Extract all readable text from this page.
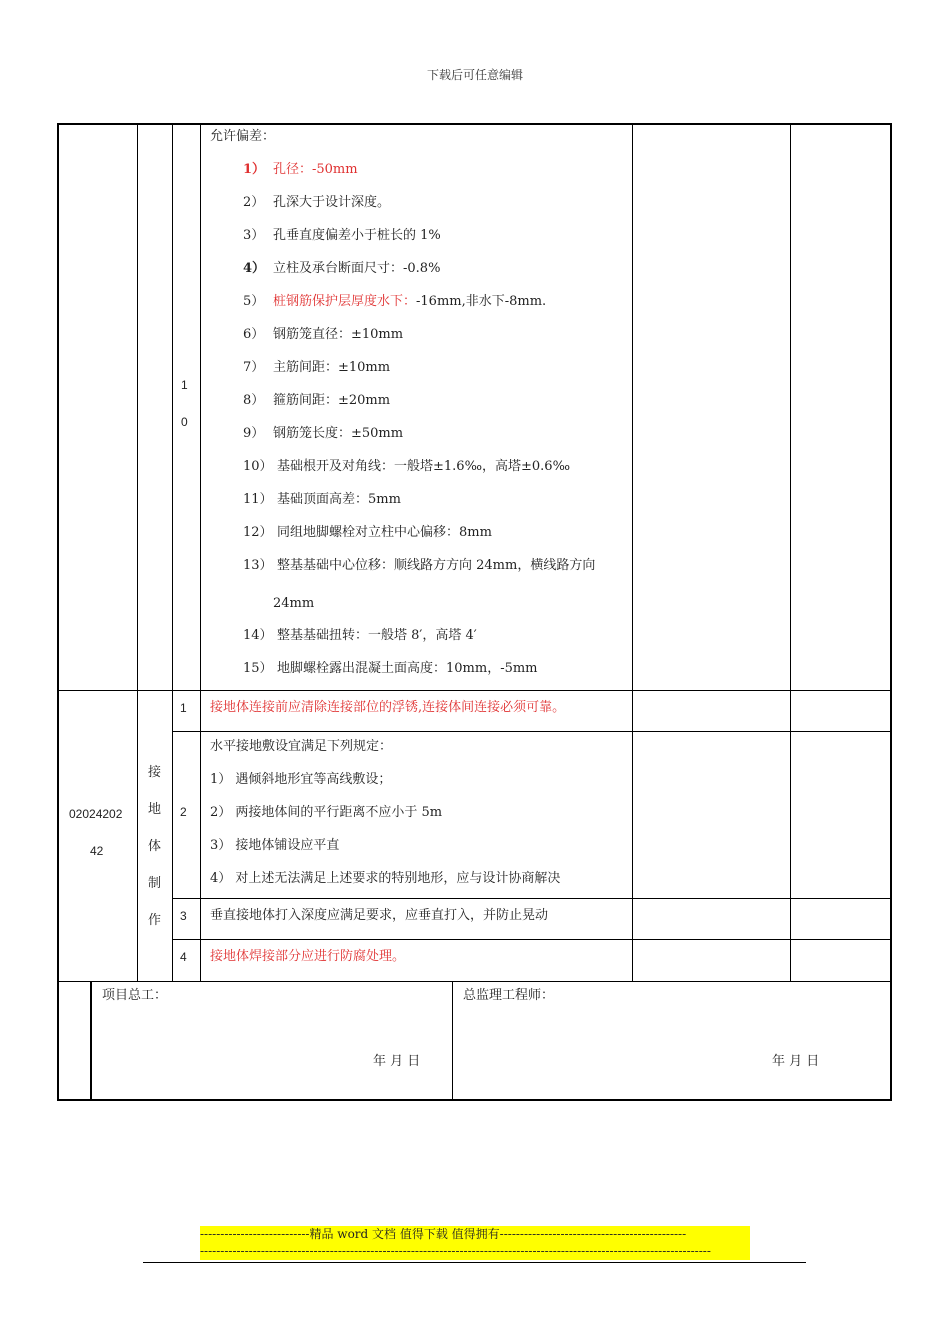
下载后可任意编辑
1
0
允许偏差：
1） 孔径：-50mm
2） 孔深大于设计深度。
3） 孔垂直度偏差小于桩长的 1%
4） 立柱及承台断面尺寸：-0.8%
5） 桩钢筋保护层厚度水下：-16mm,非水下-8mm.
6） 钢筋笼直径：±10mm
7） 主筋间距：±10mm
8） 箍筋间距：±20mm
9） 钢筋笼长度：±50mm
10） 基础根开及对角线：一般塔±1.6‰，高塔±0.6‰
11） 基础顶面高差：5mm
12） 同组地脚螺栓对立柱中心偏移：8mm
13） 整基基础中心位移：顺线路方方向 24mm，横线路方向
24mm
14） 整基基础扭转：一般塔 8′，高塔 4′
15） 地脚螺栓露出混凝土面高度：10mm，-5mm
02024202
42
接
地
体
制
作
1 接地体连接前应清除连接部位的浮锈,连接体间连接必须可靠。
2
水平接地敷设宜满足下列规定：
1） 遇倾斜地形宜等高线敷设；
2） 两接地体间的平行距离不应小于 5m
3） 接地体铺设应平直
4） 对上述无法满足上述要求的特别地形，应与设计协商解决
3 垂直接地体打入深度应满足要求，应垂直打入，并防止晃动
4 接地体焊接部分应进行防腐处理。
项目总工：
年 月 日
总监理工程师：
年 月 日
---------------------------精品 word 文档 值得下载 值得拥有----------------------------------------------
------------------------------------------------------------------------------------------------------------------------------
